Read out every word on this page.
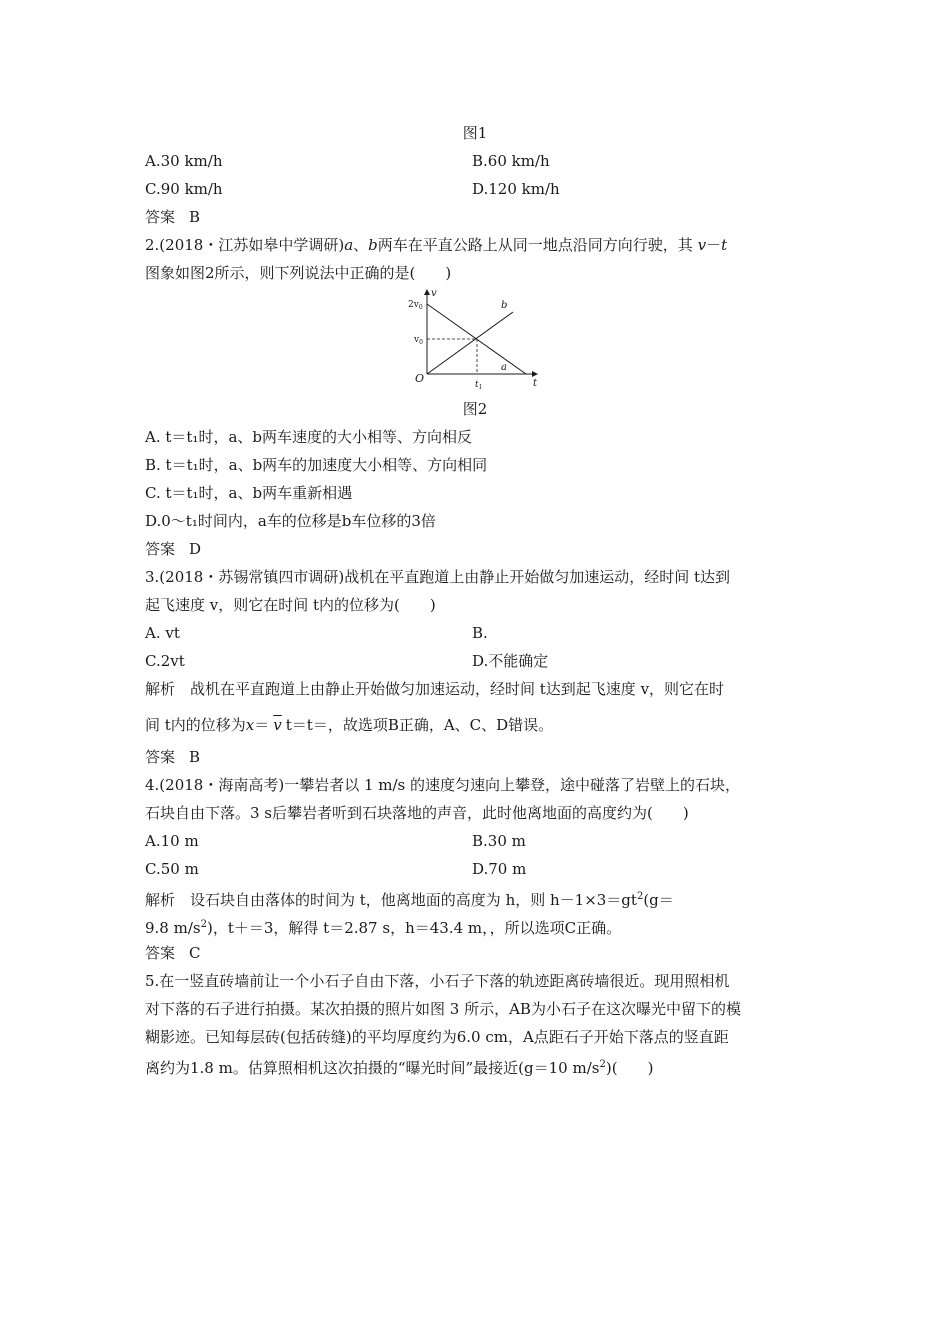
图1
A.30 km/h	B.60 km/h
C.90 km/h	D.120 km/h
答案 B
2.(2018・江苏如皋中学调研)a、b两车在平直公路上从同一地点沿同方向行驶，其 v－t
图象如图2所示，则下列说法中正确的是(　　)
$2v_0$
$v_0$
O	$t_1$	t
v
a
b
图2
A. t＝t₁时，a、b两车速度的大小相等、方向相反
B. t＝t₁时，a、b两车的加速度大小相等、方向相同
C. t＝t₁时，a、b两车重新相遇
D.0～t₁时间内，a车的位移是b车位移的3倍
答案 D
3.(2018・苏锡常镇四市调研)战机在平直跑道上由静止开始做匀加速运动，经时间 t达到
起飞速度 v，则它在时间 t内的位移为(　　)
A. vt	B.
C.2vt	D.不能确定
解析　战机在平直跑道上由静止开始做匀加速运动，经时间 t达到起飞速度 v，则它在时
间 t内的位移为$x= \overline{v}$ t＝t＝，故选项B正确，A、C、D错误。
答案 B
4.(2018・海南高考)一攀岩者以 1 m/s 的速度匀速向上攀登，途中碰落了岩壁上的石块，
石块自由下落。3 s后攀岩者听到石块落地的声音，此时他离地面的高度约为(　　)
A.10 m	B.30 m
C.50 m	D.70 m
解析　设石块自由落体的时间为 t，他离地面的高度为 h，则 $h-1\times 3=gt^2(g=$
9.8 $m/s^2$)，t＋＝3，解得 t＝2.87 s，h＝43.4 m，，所以选项C正确。
答案 C
5.在一竖直砖墙前让一个小石子自由下落，小石子下落的轨迹距离砖墙很近。现用照相机
对下落的石子进行拍摄。某次拍摄的照片如图 3 所示，AB为小石子在这次曝光中留下的模
糊影迹。已知每层砖(包括砖缝)的平均厚度约为6.0 cm，A点距石子开始下落点的竖直距
离约为1.8 m。估算照相机这次拍摄的“曝光时间”最接近(g＝10 $m/s^2$)(　　)
